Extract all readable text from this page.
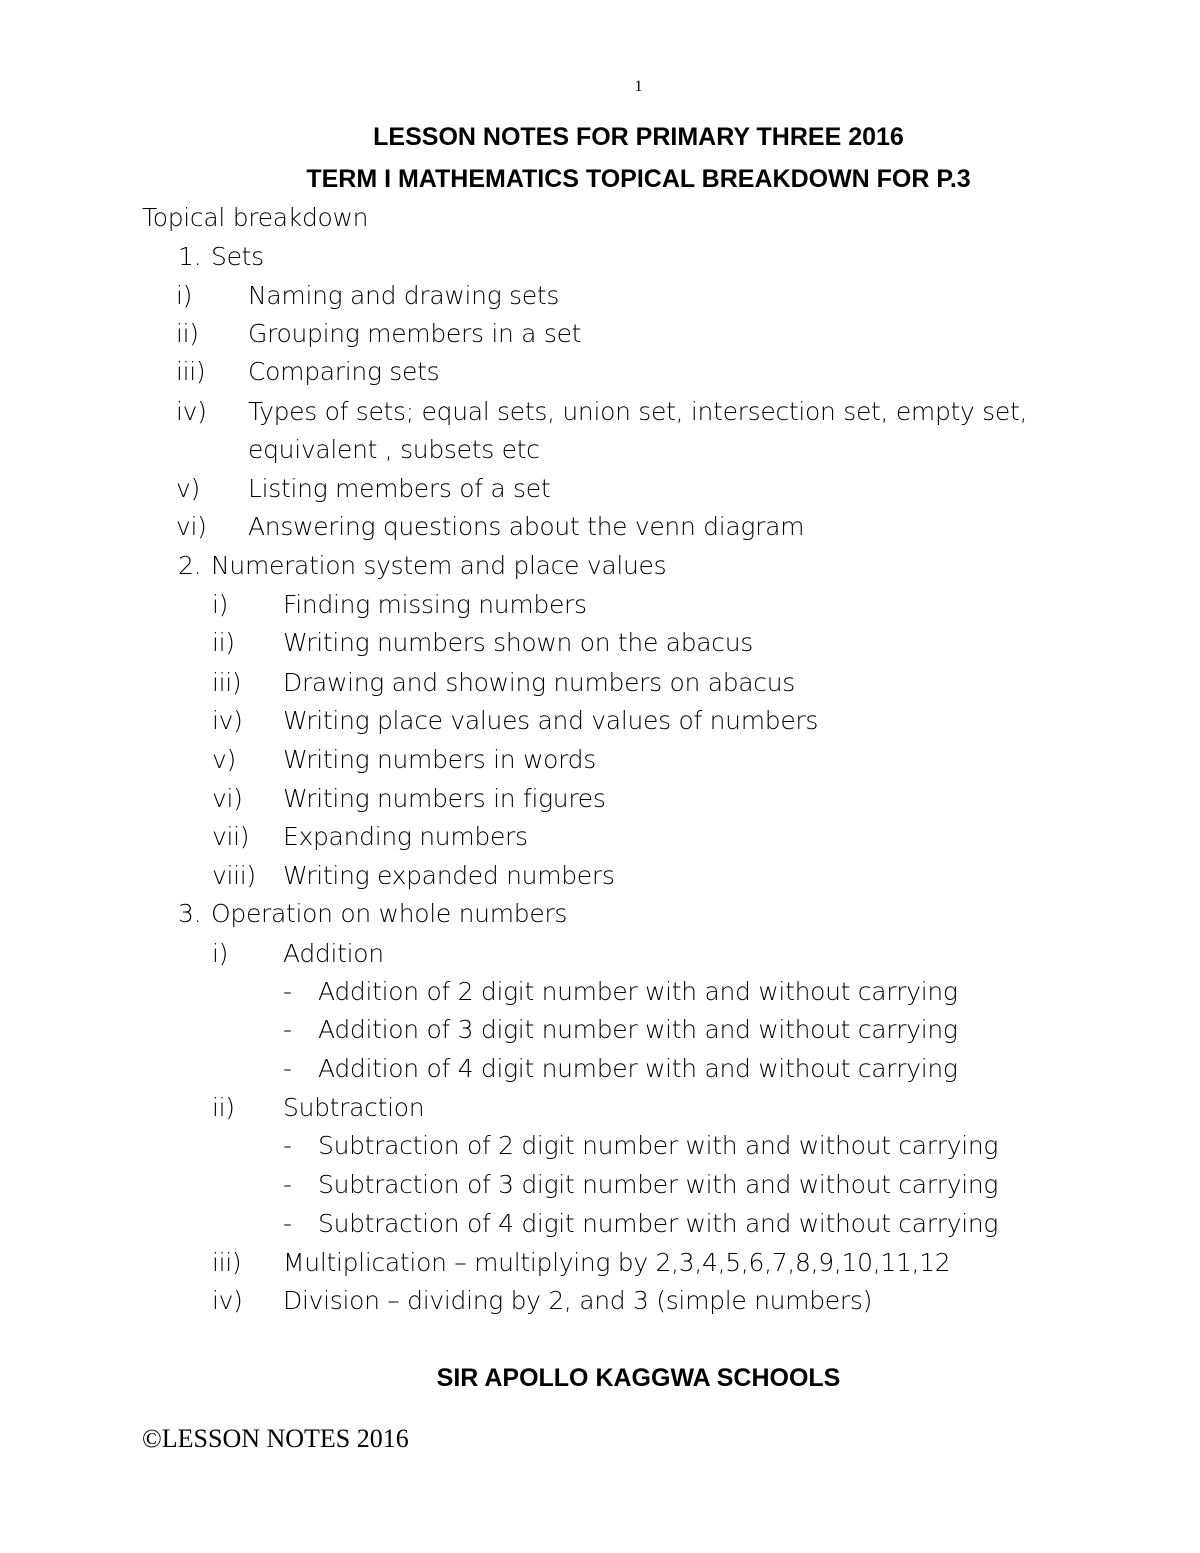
1
LESSON NOTES FOR PRIMARY THREE 2016
TERM I MATHEMATICS TOPICAL BREAKDOWN FOR P.3
Topical breakdown
1. Sets
i) Naming and drawing sets
ii) Grouping members in a set
iii) Comparing sets
iv) Types of sets; equal sets, union set, intersection set, empty set,
equivalent , subsets etc
v) Listing members of a set
vi) Answering questions about the venn diagram
2. Numeration system and place values
i) Finding missing numbers
ii) Writing numbers shown on the abacus
iii) Drawing and showing numbers on abacus
iv) Writing place values and values of numbers
v) Writing numbers in words
vi) Writing numbers in figures
vii) Expanding numbers
viii) Writing expanded numbers
3. Operation on whole numbers
i) Addition
- Addition of 2 digit number with and without carrying
- Addition of 3 digit number with and without carrying
- Addition of 4 digit number with and without carrying
ii) Subtraction
- Subtraction of 2 digit number with and without carrying
- Subtraction of 3 digit number with and without carrying
- Subtraction of 4 digit number with and without carrying
iii) Multiplication – multiplying by 2,3,4,5,6,7,8,9,10,11,12
iv) Division – dividing by 2, and 3 (simple numbers)
SIR APOLLO KAGGWA SCHOOLS
©LESSON NOTES 2016
